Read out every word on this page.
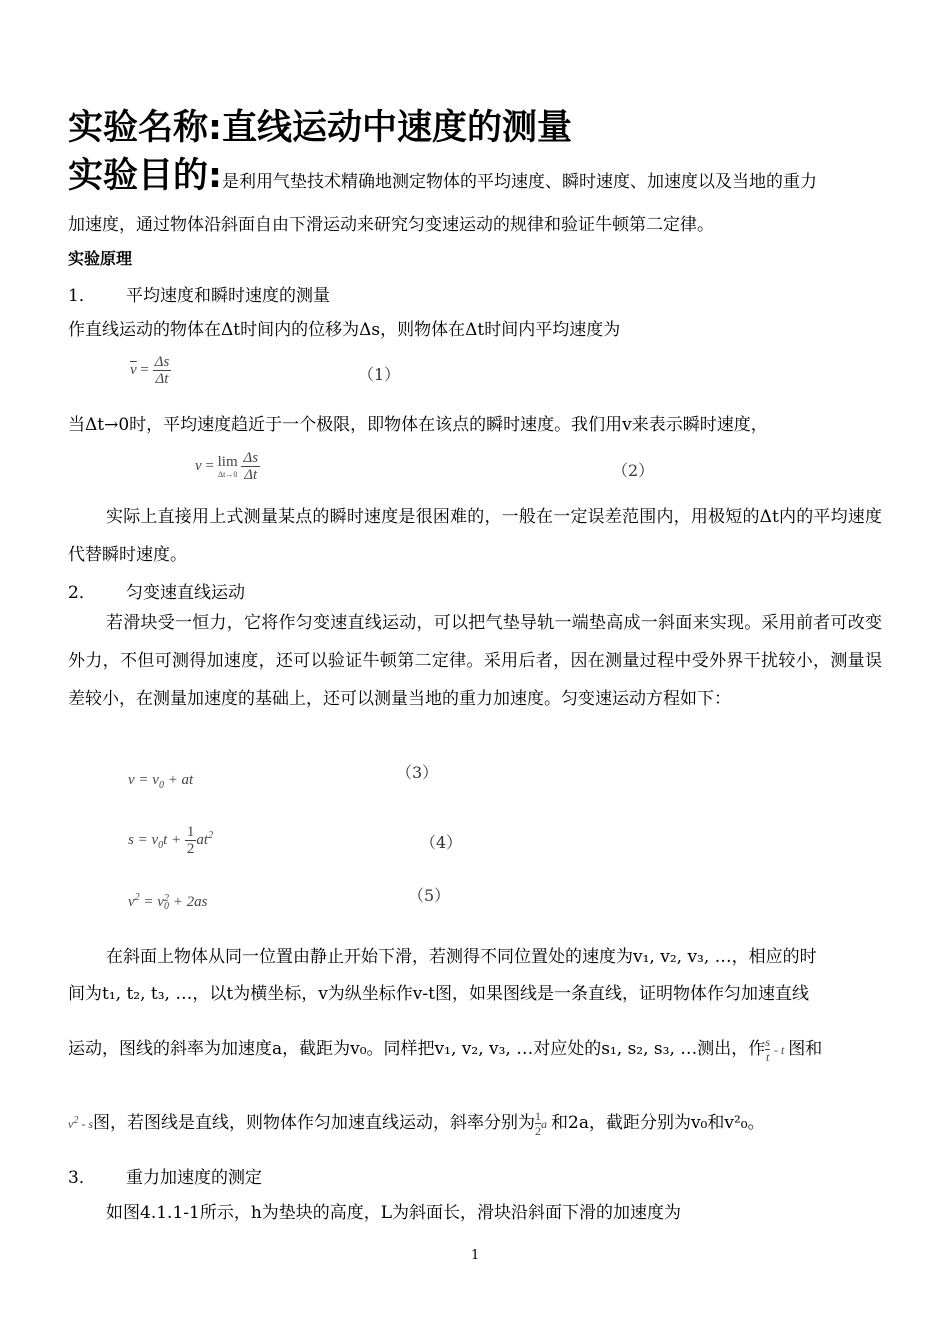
实验名称:直线运动中速度的测量
实验目的:是利用气垫技术精确地测定物体的平均速度、瞬时速度、加速度以及当地的重力
加速度，通过物体沿斜面自由下滑运动来研究匀变速运动的规律和验证牛顿第二定律。
实验原理
1． 平均速度和瞬时速度的测量
作直线运动的物体在Δt时间内的位移为Δs，则物体在Δt时间内平均速度为
$\overline{v} = \frac{\Delta s}{\Delta t}$	（1）
当Δt→0时，平均速度趋近于一个极限，即物体在该点的瞬时速度。我们用v来表示瞬时速度，
v = lim
Δt→0
$\frac{\Delta s}{\Delta t}$	（2）
实际上直接用上式测量某点的瞬时速度是很困难的，一般在一定误差范围内，用极短的Δt内的平均速度代替瞬时速度。
2． 匀变速直线运动
若滑块受一恒力，它将作匀变速直线运动，可以把气垫导轨一端垫高成一斜面来实现。采用前者可改变外力，不但可测得加速度，还可以验证牛顿第二定律。采用后者，因在测量过程中受外界干扰较小，测量误差较小，在测量加速度的基础上，还可以测量当地的重力加速度。匀变速运动方程如下：
$v = v_0$ + at	（3）
$s = v_0t + \frac{1}{2} at^2$	（4）
$v^2 = v$ 2
0 + 2as	（5）
在斜面上物体从同一位置由静止开始下滑，若测得不同位置处的速度为v₁, v₂, v₃, …，相应的时
间为t₁, t₂, t₃, …，以t为横坐标，v为纵坐标作v-t图，如果图线是一条直线，证明物体作匀加速直线
运动，图线的斜率为加速度a，截距为v₀。同样把v₁, v₂, v₃, …对应处的s₁, s₂, s₃, …测出，作 $\frac{s}{t}$ - t 图和
$v^2$ - s图，若图线是直线，则物体作匀加速直线运动，斜率分别为 $\frac{1}{2}$ a 和2a，截距分别为v₀和v²₀。
3． 重力加速度的测定
如图4.1.1-1所示，h为垫块的高度，L为斜面长，滑块沿斜面下滑的加速度为
1
